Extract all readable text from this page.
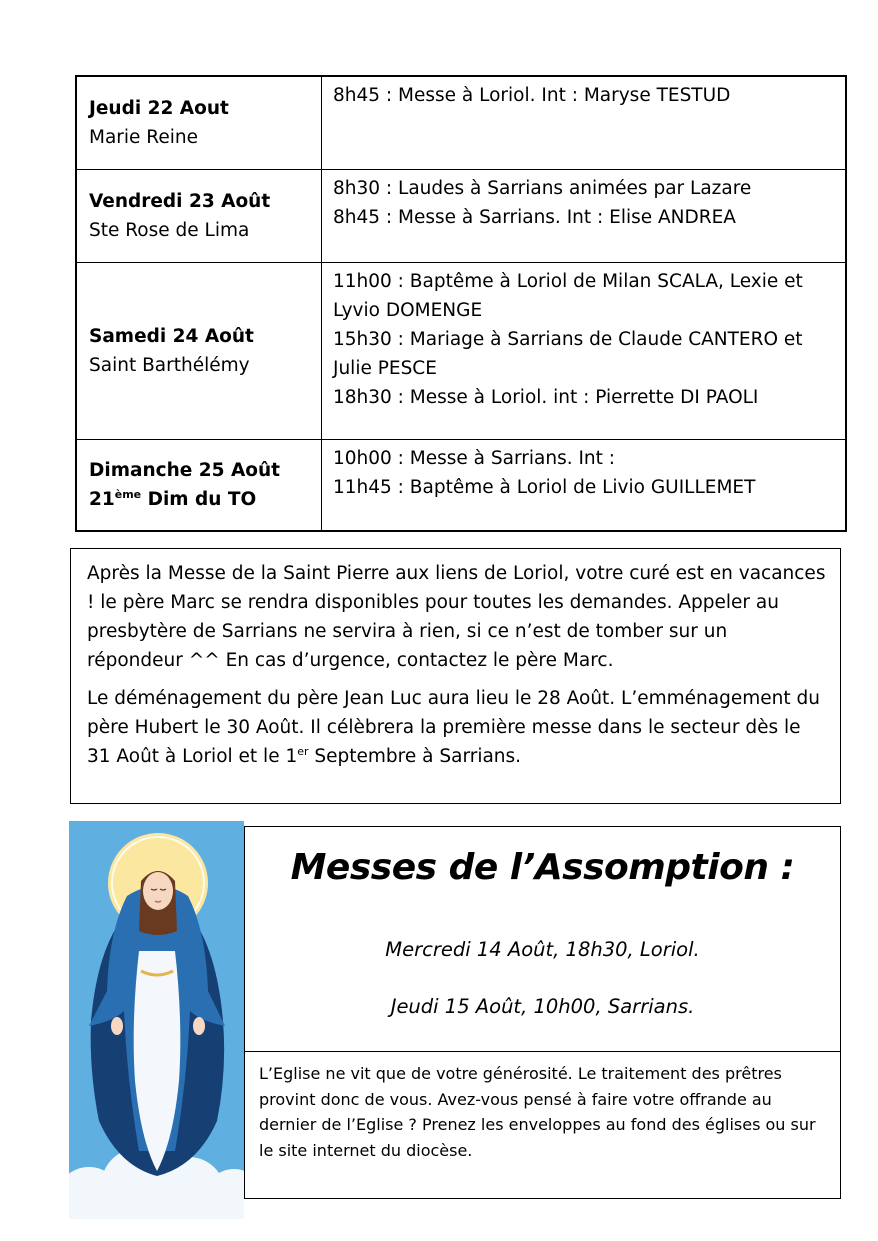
Jeudi 22 Aout
Marie Reine	8h45 : Messe à Loriol. Int : Maryse TESTUD

Vendredi 23 Août
Ste Rose de Lima	8h30 : Laudes à Sarrians animées par Lazare
8h45 : Messe à Sarrians. Int : Elise ANDREA

Samedi 24 Août
Saint Barthélémy	11h00 : Baptême à Loriol de Milan SCALA, Lexie et Lyvio DOMENGE
15h30 : Mariage à Sarrians de Claude CANTERO et Julie PESCE
18h30 : Messe à Loriol. int : Pierrette DI PAOLI

Dimanche 25 Août
21ème Dim du TO	10h00 : Messe à Sarrians. Int :
11h45 : Baptême à Loriol de Livio GUILLEMET

Après la Messe de la Saint Pierre aux liens de Loriol, votre curé est en vacances ! le père Marc se rendra disponibles pour toutes les demandes. Appeler au presbytère de Sarrians ne servira à rien, si ce n’est de tomber sur un répondeur ^^ En cas d’urgence, contactez le père Marc.

Le déménagement du père Jean Luc aura lieu le 28 Août. L’emménagement du père Hubert le 30 Août. Il célèbrera la première messe dans le secteur dès le 31 Août à Loriol et le 1er Septembre à Sarrians.

Messes de l’Assomption :
Mercredi 14 Août, 18h30, Loriol.
Jeudi 15 Août, 10h00, Sarrians.
L’Eglise ne vit que de votre générosité. Le traitement des prêtres provint donc de vous. Avez-vous pensé à faire votre offrande au dernier de l’Eglise ? Prenez les enveloppes au fond des églises ou sur le site internet du diocèse.
